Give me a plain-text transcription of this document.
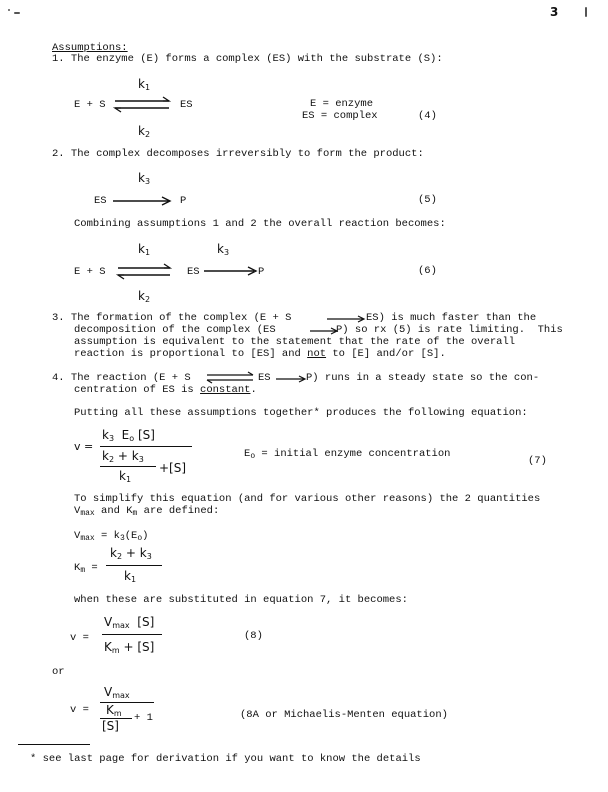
3
Assumptions:
1. The enzyme (E) forms a complex (ES) with the substrate (S):
$k_1$
E + S	ES
$k_2$
E = enzyme
ES = complex	(4)
2. The complex decomposes irreversibly to form the product:
$k_3$
ES	P	(5)
Combining assumptions 1 and 2 the overall reaction becomes:
$k_1$	$k_3$
E + S	ES	P
$k_2$
(6)
3. The formation of the complex (E + S	ES) is much faster than the
decomposition of the complex (ES	P) so rx (5) is rate limiting.  This
assumption is equivalent to the statement that the rate of the overall
reaction is proportional to [ES] and not to [E] and/or [S].
4. The reaction (E + S	ES	P) runs in a steady state so the con-
centration of ES is constant.
Putting all these assumptions together* produces the following equation:
v =
$k_3$  $E_o$ [S]
$k_2 + k_3$
$k_1$
+[S]
$E_o$ = initial enzyme concentration
(7)
To simplify this equation (and for various other reasons) the 2 quantities
$V_{max}$ and $K_m$ are defined:
$V_{max} = k_3(E_o)$
$K_m$ =
$k_2 + k_3$
$k_1$
when these are substituted in equation 7, it becomes:
v =
$V_{max}$  [S]
$K_m + [S]$
(8)
or
v =
$V_{max}$
$K_m$
[S]
+ 1	(8A or Michaelis-Menten equation)
* see last page for derivation if you want to know the details
